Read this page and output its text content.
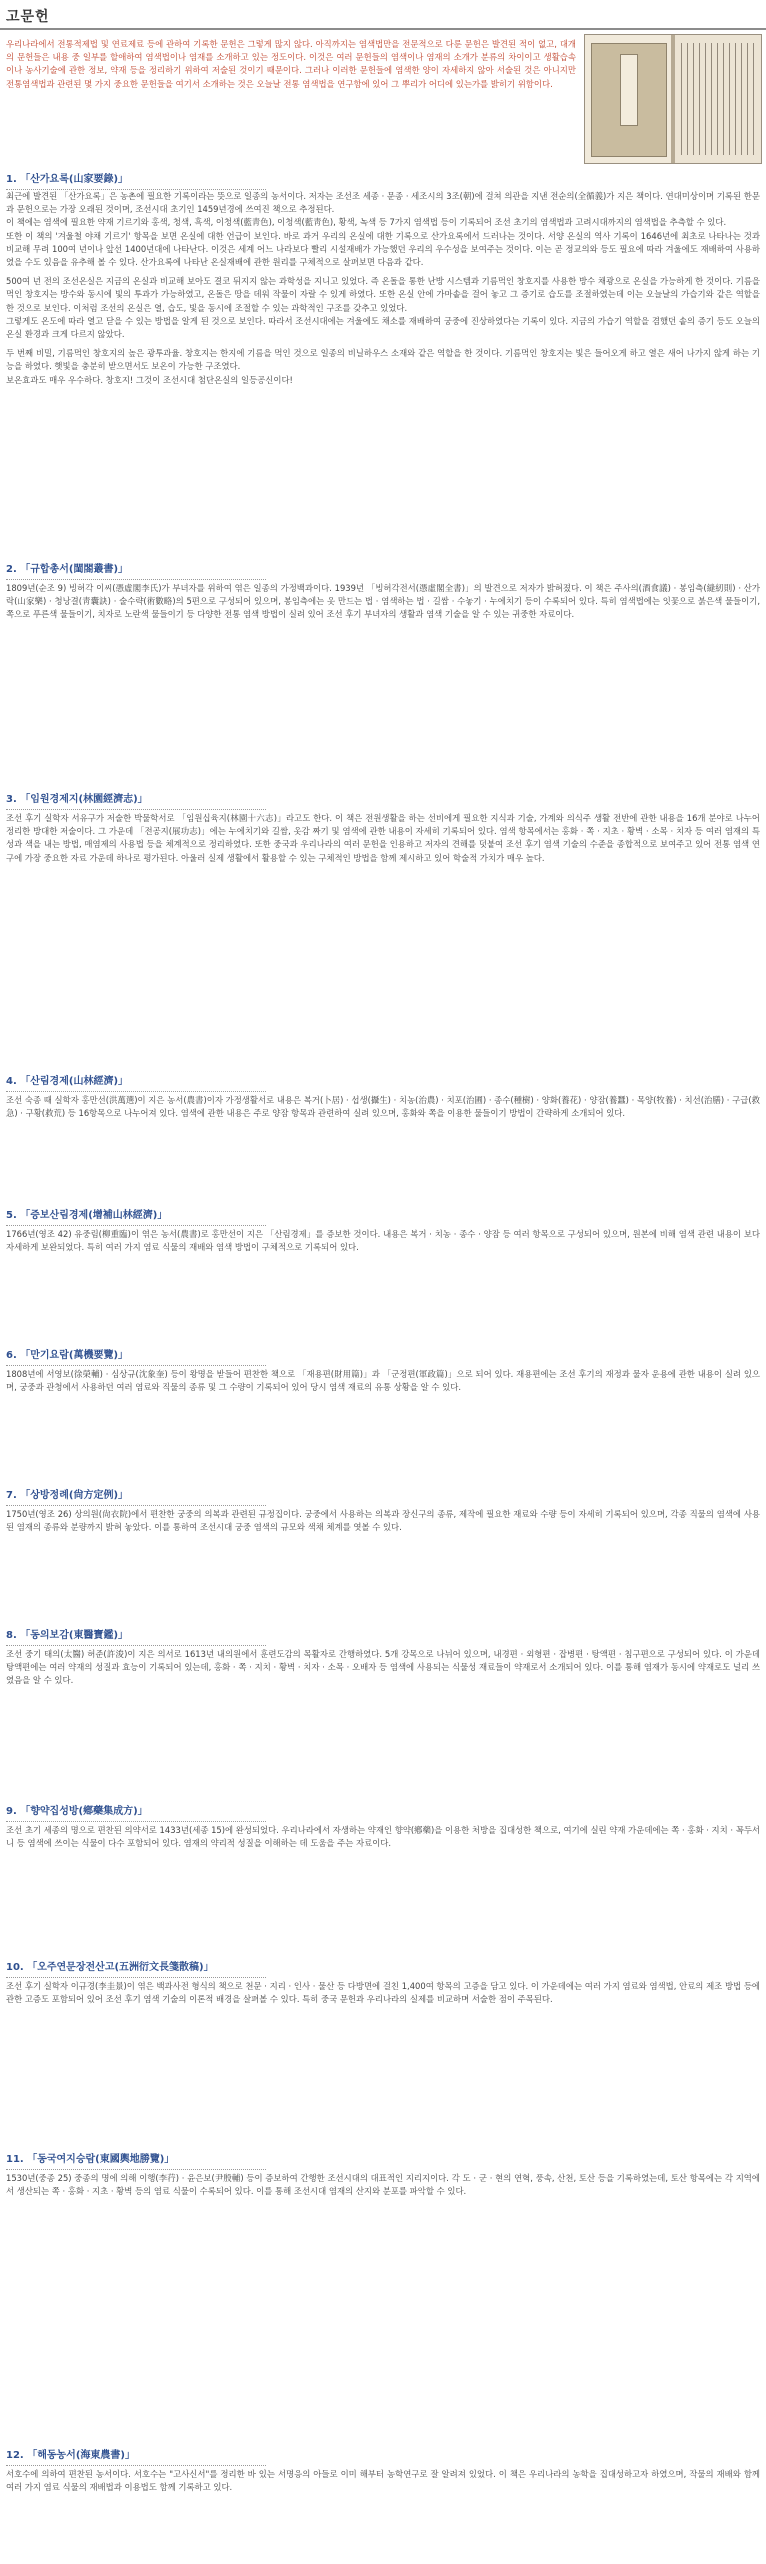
고문헌
우리나라에서 전통적제법 및 연료제료 등에 관하여 기록한 문헌은 그렇게 많지 않다. 아직까지는 염색법만을 전문적으로 다룬 문헌은 발견된 적이 없고, 대개의 문헌들은 내용 중 일부를 할애하여 염색법이나 염재를 소개하고 있는 정도이다. 이것은 여러 문헌들의 염색이나 염재의 소개가 분류의 차이이고 생활습속이나 농사기술에 관한 정보, 약재 등을 정리하기 위하여 저술된 것이기 때문이다. 그러나 이러한 문헌들에 염색한 양이 자세하지 않아 서술된 것은 아니지만 전통염색법과 관련된 몇 가지 중요한 문헌들을 여기서 소개하는 것은 오늘날 전통 염색법을 연구함에 있어 그 뿌리가 어디에 있는가를 밝히기 위함이다.
1. 「산가요록(山家要錄)」
최근에 발견된 「산가요록」은 농촌에 필요한 기록이라는 뜻으로 일종의 농서이다. 저자는 조선조 세종 · 문종 · 세조시의 3조(朝)에 걸쳐 의관을 지낸 전순의(全循義)가 지은 책이다. 연대미상이며 기록된 한문과 문헌으로는 가장 오래된 것이며, 조선시대 초기인 1459년경에 쓰여진 책으로 추정된다.
이 책에는 염색에 필요한 약재 기르기와 홍색, 청색, 흑색, 이청색(藍靑色), 이청색(藍靑色), 황색, 녹색 등 7가지 염색법 등이 기록되어 조선 초기의 염색법과 고려시대까지의 염색법을 추측할 수 있다.
또한 이 책의 '겨울철 야채 기르기' 항목을 보면 온실에 대한 언급이 보인다. 바로 과거 우리의 온실에 대한 기록으로 산가요록에서 드러나는 것이다. 서양 온실의 역사 기록이 1646년에 최초로 나타나는 것과 비교해 무려 100여 년이나 앞선 1400년대에 나타난다. 이것은 세계 어느 나라보다 빨리 시설재배가 가능했던 우리의 우수성을 보여주는 것이다. 이는 곧 정교의와 등도 필요에 따라 겨울에도 재배하여 사용하였을 수도 있음을 유추해 볼 수 있다. 산가요록에 나타난 온실재배에 관한 원리를 구체적으로 살펴보면 다음과 같다.
500여 년 전의 조선온실은 지금의 온실과 비교해 보아도 결코 뒤지지 않는 과학성을 지니고 있었다. 즉 온돌을 통한 난방 시스템과 기름먹인 창호지를 사용한 방수 채광으로 온실을 가능하게 한 것이다. 기름을 먹인 창호지는 방수와 동시에 빛의 투과가 가능하였고, 온돌은 땅을 데워 작물이 자랄 수 있게 하였다. 또한 온실 안에 가마솥을 걸어 놓고 그 증기로 습도를 조절하였는데 이는 오늘날의 가습기와 같은 역할을 한 것으로 보인다. 이처럼 조선의 온실은 열, 습도, 빛을 동시에 조절할 수 있는 과학적인 구조를 갖추고 있었다.
그렇게도 온도에 따라 열고 닫을 수 있는 방법을 알게 된 것으로 보인다. 따라서 조선시대에는 겨울에도 채소를 재배하여 궁중에 진상하였다는 기록이 있다. 지금의 가습기 역할을 겸했던 솥의 증기 등도 오늘의 온실 환경과 크게 다르지 않았다.
두 번째 비밀, 기름먹인 창호지의 높은 광투과율. 창호지는 한지에 기름을 먹인 것으로 일종의 비닐하우스 소재와 같은 역할을 한 것이다. 기름먹인 창호지는 빛은 들어오게 하고 열은 새어 나가지 않게 하는 기능을 하였다. 햇빛을 충분히 받으면서도 보온이 가능한 구조였다.
보온효과도 매우 우수하다. 창호지! 그것이 조선시대 첨단온실의 일등공신이다!
2. 「규합총서(閨閤叢書)」
1809년(순조 9) 빙허각 이씨(憑虛閣李氏)가 부녀자를 위하여 엮은 일종의 가정백과이다. 1939년 「빙허각전서(憑虛閣全書)」의 발견으로 저자가 밝혀졌다. 이 책은 주사의(酒食議) · 봉임측(縫紉則) · 산가락(山家樂) · 청낭결(靑囊訣) · 술수략(術數略)의 5편으로 구성되어 있으며, 봉임측에는 옷 만드는 법 · 염색하는 법 · 길쌈 · 수놓기 · 누에치기 등이 수록되어 있다. 특히 염색법에는 잇꽃으로 붉은색 물들이기, 쪽으로 푸른색 물들이기, 치자로 노란색 물들이기 등 다양한 전통 염색 방법이 실려 있어 조선 후기 부녀자의 생활과 염색 기술을 알 수 있는 귀중한 자료이다.
3. 「임원경제지(林園經濟志)」
조선 후기 실학자 서유구가 저술한 박물학서로 「임원십육지(林園十六志)」라고도 한다. 이 책은 전원생활을 하는 선비에게 필요한 지식과 기술, 가계와 의식주 생활 전반에 관한 내용을 16개 분야로 나누어 정리한 방대한 저술이다. 그 가운데 「전공지(展功志)」에는 누에치기와 길쌈, 옷감 짜기 및 염색에 관한 내용이 자세히 기록되어 있다. 염색 항목에서는 홍화 · 쪽 · 지초 · 황벽 · 소목 · 치자 등 여러 염재의 특성과 색을 내는 방법, 매염제의 사용법 등을 체계적으로 정리하였다. 또한 중국과 우리나라의 여러 문헌을 인용하고 저자의 견해를 덧붙여 조선 후기 염색 기술의 수준을 종합적으로 보여주고 있어 전통 염색 연구에 가장 중요한 자료 가운데 하나로 평가된다. 아울러 실제 생활에서 활용할 수 있는 구체적인 방법을 함께 제시하고 있어 학술적 가치가 매우 높다.
4. 「산림경제(山林經濟)」
조선 숙종 때 실학자 홍만선(洪萬選)이 지은 농서(農書)이자 가정생활서로 내용은 복거(卜居) · 섭생(攝生) · 치농(治農) · 치포(治圃) · 종수(種樹) · 양화(養花) · 양잠(養蠶) · 목양(牧養) · 치선(治膳) · 구급(救急) · 구황(救荒) 등 16항목으로 나누어져 있다. 염색에 관한 내용은 주로 양잠 항목과 관련하여 실려 있으며, 홍화와 쪽을 이용한 물들이기 방법이 간략하게 소개되어 있다.
5. 「증보산림경제(增補山林經濟)」
1766년(영조 42) 유중림(柳重臨)이 엮은 농서(農書)로 홍만선이 지은 「산림경제」를 증보한 것이다. 내용은 복거 · 치농 · 종수 · 양잠 등 여러 항목으로 구성되어 있으며, 원본에 비해 염색 관련 내용이 보다 자세하게 보완되었다. 특히 여러 가지 염료 식물의 재배와 염색 방법이 구체적으로 기록되어 있다.
6. 「만기요람(萬機要覽)」
1808년에 서영보(徐榮輔) · 심상규(沈象奎) 등이 왕명을 받들어 편찬한 책으로 「재용편(財用篇)」과 「군정편(軍政篇)」으로 되어 있다. 재용편에는 조선 후기의 재정과 물자 운용에 관한 내용이 실려 있으며, 궁중과 관청에서 사용하던 여러 염료와 직물의 종류 및 그 수량이 기록되어 있어 당시 염색 재료의 유통 상황을 알 수 있다.
7. 「상방정례(尙方定例)」
1750년(영조 26) 상의원(尙衣院)에서 편찬한 궁중의 의복과 관련된 규정집이다. 궁중에서 사용하는 의복과 장신구의 종류, 제작에 필요한 재료와 수량 등이 자세히 기록되어 있으며, 각종 직물의 염색에 사용된 염재의 종류와 분량까지 밝혀 놓았다. 이를 통하여 조선시대 궁중 염색의 규모와 색채 체계를 엿볼 수 있다.
8. 「동의보감(東醫寶鑑)」
조선 중기 태의(太醫) 허준(許浚)이 지은 의서로 1613년 내의원에서 훈련도감의 목활자로 간행하였다. 5개 강목으로 나뉘어 있으며, 내경편 · 외형편 · 잡병편 · 탕액편 · 침구편으로 구성되어 있다. 이 가운데 탕액편에는 여러 약재의 성질과 효능이 기록되어 있는데, 홍화 · 쪽 · 지치 · 황벽 · 치자 · 소목 · 오배자 등 염색에 사용되는 식물성 재료들이 약재로서 소개되어 있다. 이를 통해 염재가 동시에 약재로도 널리 쓰였음을 알 수 있다.
9. 「향약집성방(鄕藥集成方)」
조선 초기 세종의 명으로 편찬된 의약서로 1433년(세종 15)에 완성되었다. 우리나라에서 자생하는 약재인 향약(鄕藥)을 이용한 처방을 집대성한 책으로, 여기에 실린 약재 가운데에는 쪽 · 홍화 · 지치 · 꼭두서니 등 염색에 쓰이는 식물이 다수 포함되어 있다. 염재의 약리적 성질을 이해하는 데 도움을 주는 자료이다.
10. 「오주연문장전산고(五洲衍文長箋散稿)」
조선 후기 실학자 이규경(李圭景)이 엮은 백과사전 형식의 책으로 천문 · 지리 · 인사 · 물산 등 다방면에 걸친 1,400여 항목의 고증을 담고 있다. 이 가운데에는 여러 가지 염료와 염색법, 안료의 제조 방법 등에 관한 고증도 포함되어 있어 조선 후기 염색 기술의 이론적 배경을 살펴볼 수 있다. 특히 중국 문헌과 우리나라의 실제를 비교하며 서술한 점이 주목된다.
11. 「동국여지승람(東國輿地勝覽)」
1530년(중종 25) 중종의 명에 의해 이행(李荇) · 윤은보(尹殷輔) 등이 증보하여 간행한 조선시대의 대표적인 지리지이다. 각 도 · 군 · 현의 연혁, 풍속, 산천, 토산 등을 기록하였는데, 토산 항목에는 각 지역에서 생산되는 쪽 · 홍화 · 지초 · 황벽 등의 염료 식물이 수록되어 있다. 이를 통해 조선시대 염재의 산지와 분포를 파악할 수 있다.
12. 「해동농서(海東農書)」
서호수에 의하여 편찬된 농서이다. 서호수는 "고사신서"를 정리한 바 있는 서명응의 아들로 이미 해부터 농학연구로 잘 알려져 있었다. 이 책은 우리나라의 농학을 집대성하고자 하였으며, 작물의 재배와 함께 여러 가지 염료 식물의 재배법과 이용법도 함께 기록하고 있다.
